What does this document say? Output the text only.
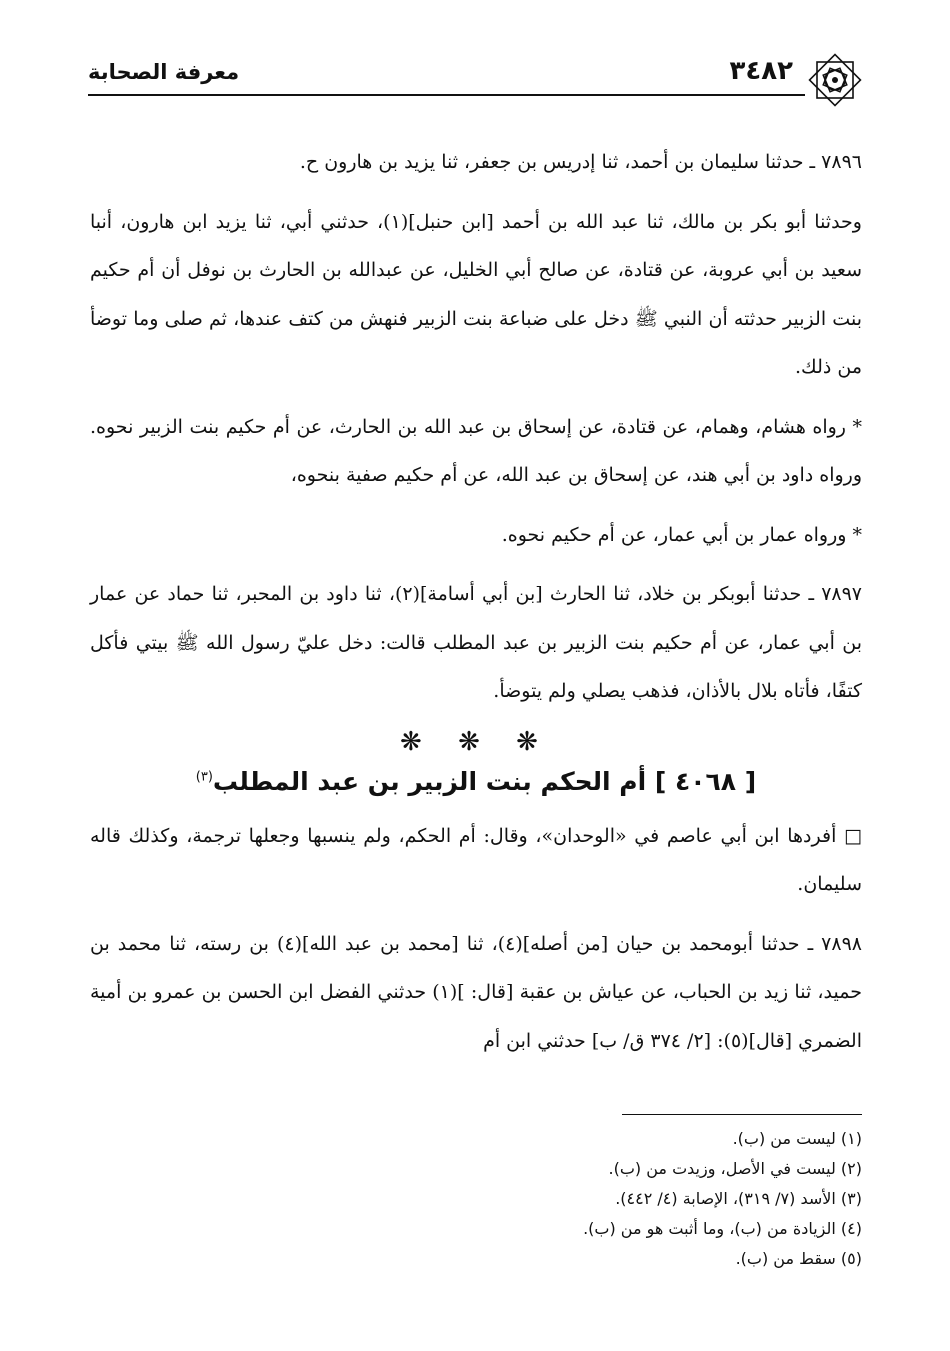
٣٤٨٢
معرفة الصحابة

٧٨٩٦ ـ حدثنا سليمان بن أحمد، ثنا إدريس بن جعفر، ثنا يزيد بن هارون ح.

وحدثنا أبو بكر بن مالك، ثنا عبد الله بن أحمد [ابن حنبل](١)، حدثني أبي، ثنا يزيد ابن هارون، أنبا سعيد بن أبي عروبة، عن قتادة، عن صالح أبي الخليل، عن عبدالله بن الحارث بن نوفل أن أم حكيم بنت الزبير حدثته أن النبي ﷺ دخل على ضباعة بنت الزبير فنهش من كتف عندها، ثم صلى وما توضأ من ذلك.

* رواه هشام، وهمام، عن قتادة، عن إسحاق بن عبد الله بن الحارث، عن أم حكيم بنت الزبير نحوه. ورواه داود بن أبي هند، عن إسحاق بن عبد الله، عن أم حكيم صفية بنحوه،

* ورواه عمار بن أبي عمار، عن أم حكيم نحوه.

٧٨٩٧ ـ حدثنا أبوبكر بن خلاد، ثنا الحارث [بن أبي أسامة](٢)، ثنا داود بن المحبر، ثنا حماد عن عمار بن أبي عمار، عن أم حكيم بنت الزبير بن عبد المطلب قالت: دخل عليّ رسول الله ﷺ بيتي فأكل كتفًا، فأتاه بلال بالأذان، فذهب يصلي ولم يتوضأ.

❋ ❋ ❋
[ ٤٠٦٨ ] أم الحكم بنت الزبير بن عبد المطلب$^{(٣)}$

□ أفردها ابن أبي عاصم في «الوحدان»، وقال: أم الحكم، ولم ينسبها وجعلها ترجمة، وكذلك قاله سليمان.

٧٨٩٨ ـ حدثنا أبومحمد بن حيان [من أصله](٤)، ثنا [محمد بن عبد الله](٤) بن رسته، ثنا محمد بن حميد، ثنا زيد بن الحباب، عن عياش بن عقبة [قال: ](١) حدثني الفضل ابن الحسن بن عمرو بن أمية الضمري [قال](٥): [٢/ ٣٧٤ ق/ ب] حدثني ابن أم

(١) ليست من (ب).
(٢) ليست في الأصل، وزيدت من (ب).
(٣) الأسد (٧/ ٣١٩)، الإصابة (٤/ ٤٤٢).
(٤) الزيادة من (ب)، وما أثبت هو من (ب).
(٥) سقط من (ب).
